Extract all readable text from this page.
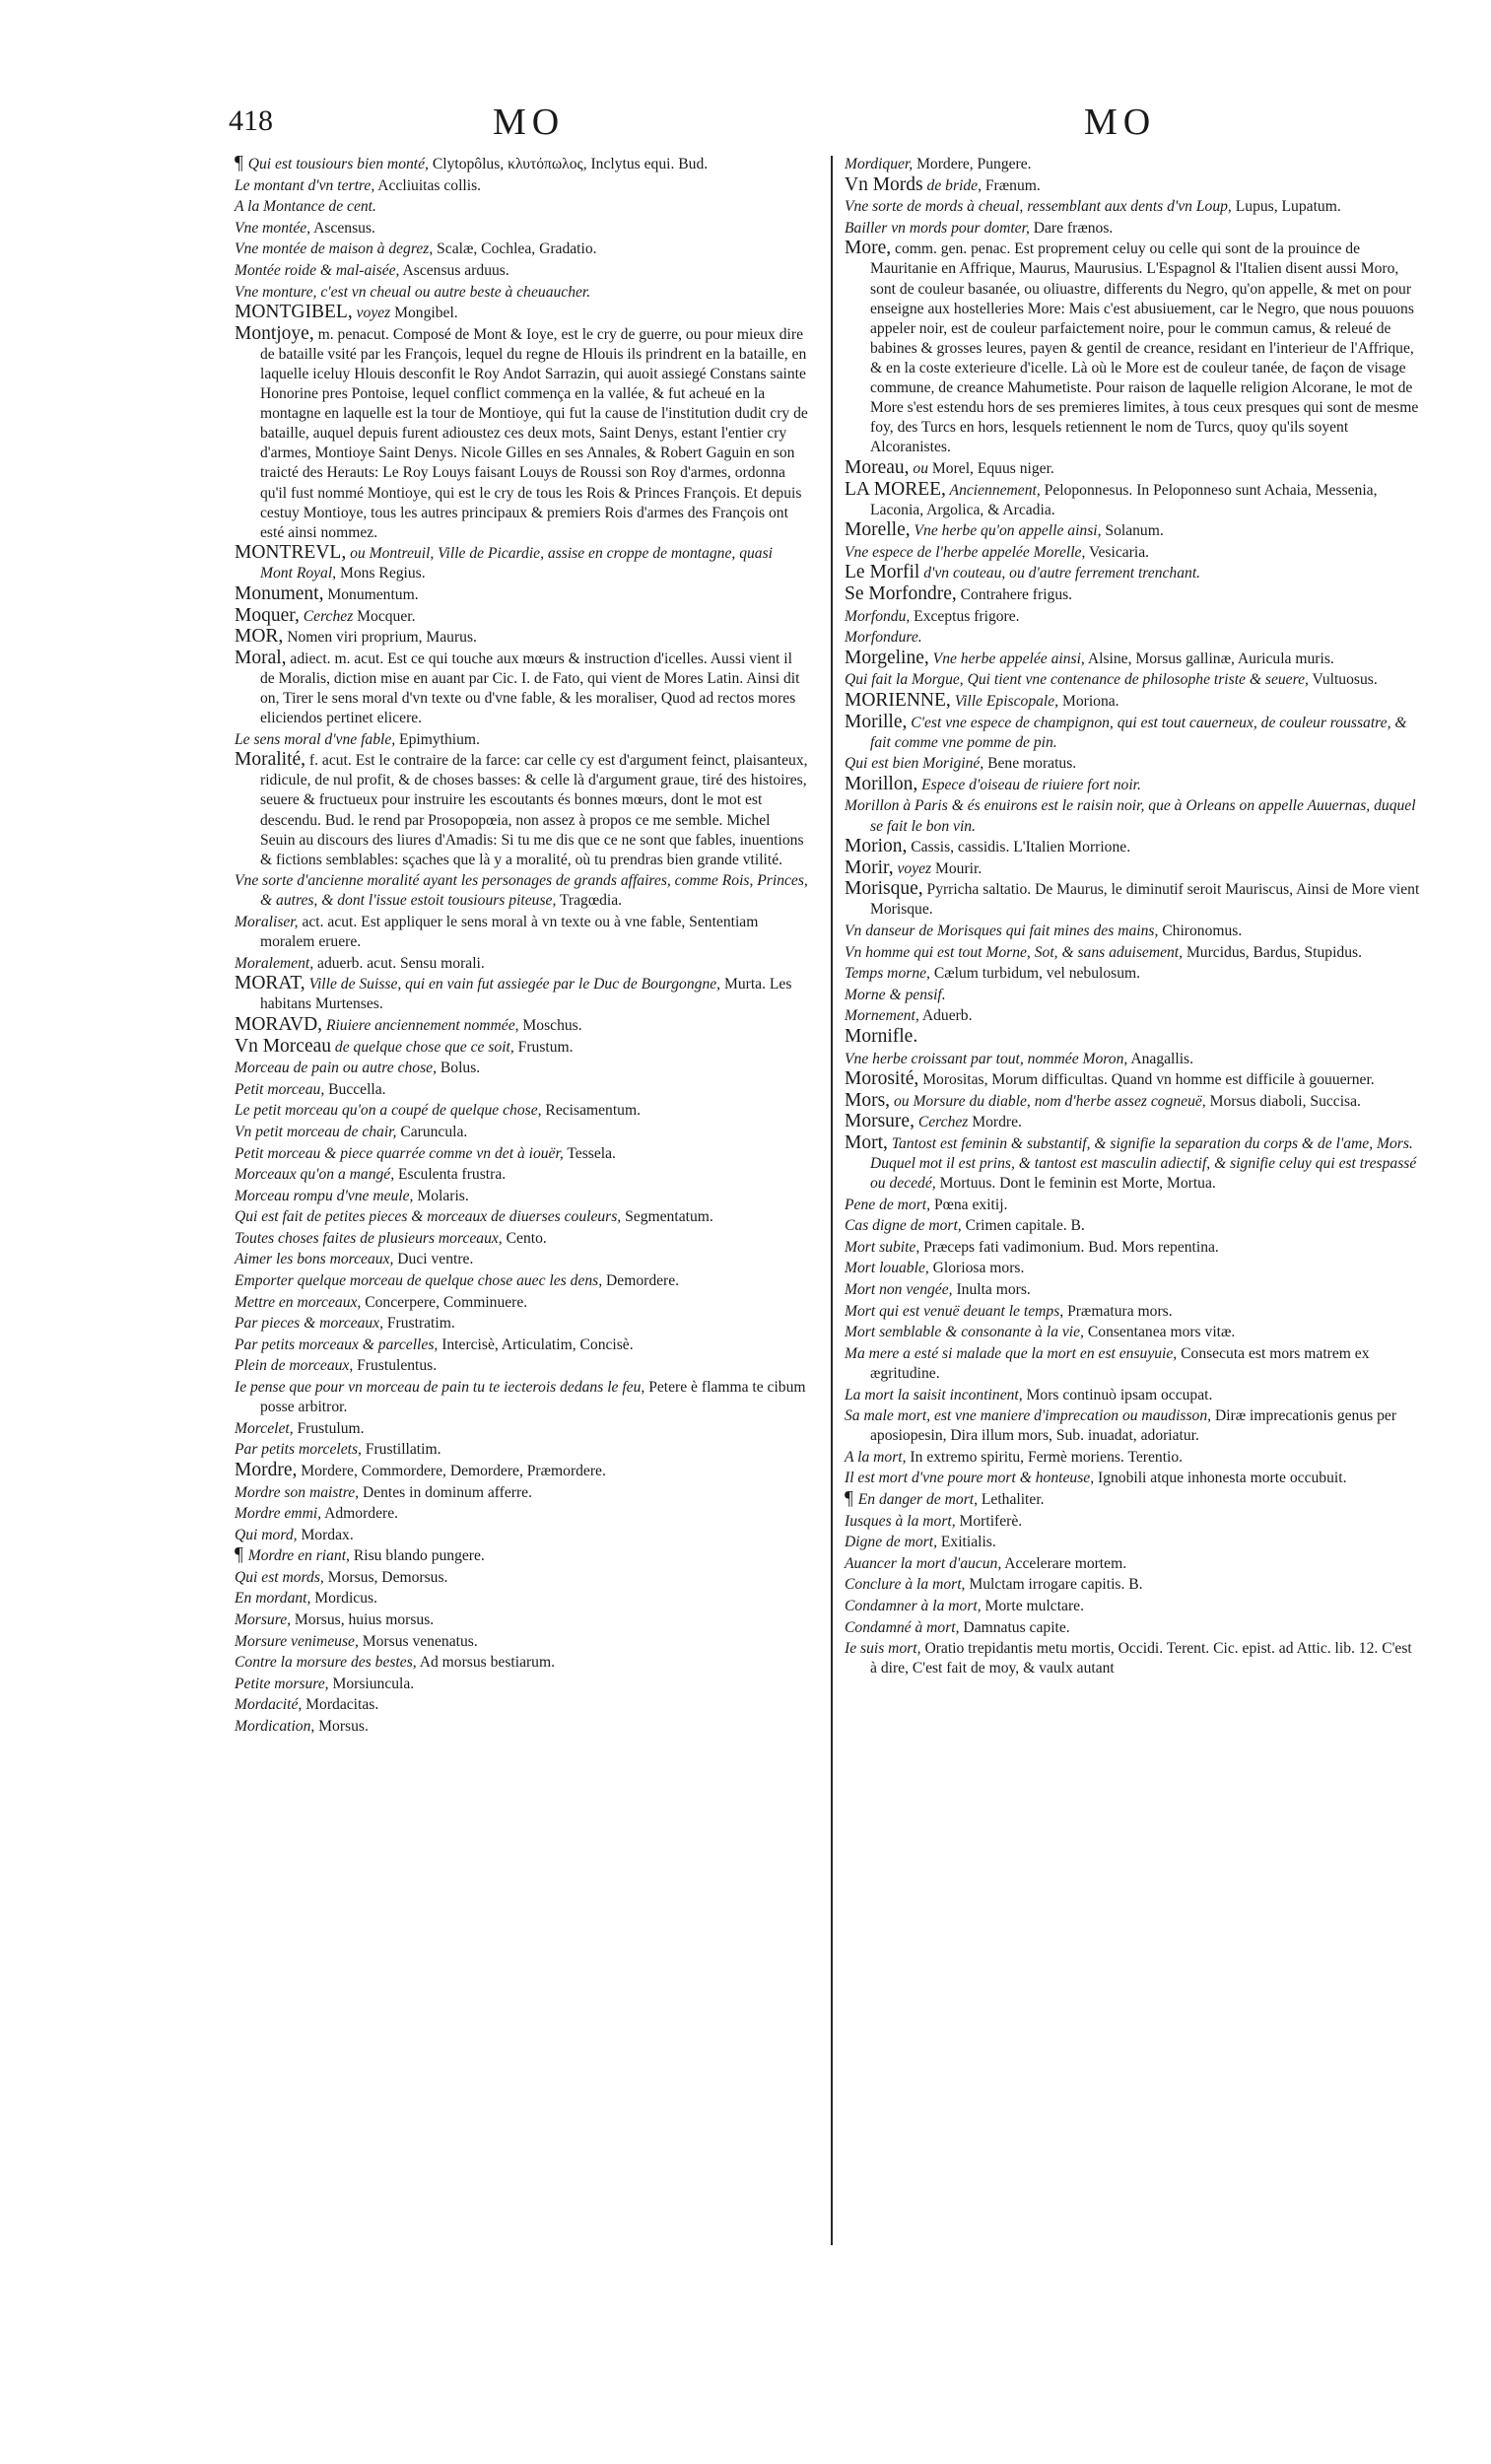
418	MO	MO
¶ Qui est tousiours bien monté, Clytopôlus, κλυτόπωλος, Inclytus equi. Bud.
Le montant d'vn tertre, Accliuitas collis.
A la Montance de cent.
Vne montée, Ascensus.
Vne montée de maison à degrez, Scalæ, Cochlea, Gradatio.
Montée roide & mal-aisée, Ascensus arduus.
Vne monture, c'est vn cheual ou autre beste à cheuaucher.
MONTGIBEL, voyez Mongibel.
Montjoye, m. penacut. Composé de Mont & Ioye, est le cry de guerre, ou pour mieux dire de bataille vsité par les François, lequel du regne de Hlouis ils prindrent en la bataille, en laquelle iceluy Hlouis desconfit le Roy Andot Sarrazin, qui auoit assiegé Constans sainte Honorine pres Pontoise, lequel conflict commença en la vallée, & fut acheué en la montagne en laquelle est la tour de Montioye, qui fut la cause de l'institution dudit cry de bataille, auquel depuis furent adioustez ces deux mots, Saint Denys, estant l'entier cry d'armes, Montioye Saint Denys. Nicole Gilles en ses Annales, & Robert Gaguin en son traicté des Herauts: Le Roy Louys faisant Louys de Roussi son Roy d'armes, ordonna qu'il fust nommé Montioye, qui est le cry de tous les Rois & Princes François. Et depuis cestuy Montioye, tous les autres principaux & premiers Rois d'armes des François ont esté ainsi nommez.
MONTREVL, ou Montreuil, Ville de Picardie, assise en croppe de montagne, quasi Mont Royal, Mons Regius.
Monument, Monumentum.
Moquer, Cerchez Mocquer.
MOR, Nomen viri proprium, Maurus.
Moral, adiect. m. acut. Est ce qui touche aux mœurs & instruction d'icelles. Aussi vient il de Moralis, diction mise en auant par Cic. I. de Fato, qui vient de Mores Latin. Ainsi dit on, Tirer le sens moral d'vn texte ou d'vne fable, & les moraliser, Quod ad rectos mores eliciendos pertinet elicere.
Le sens moral d'vne fable, Epimythium.
Moralité, f. acut. Est le contraire de la farce: car celle cy est d'argument feinct, plaisanteux, ridicule, de nul profit, & de choses basses: & celle là d'argument graue, tiré des histoires, seuere & fructueux pour instruire les escoutants és bonnes mœurs, dont le mot est descendu. Bud. le rend par Prosopopœia, non assez à propos ce me semble. Michel Seuin au discours des liures d'Amadis: Si tu me dis que ce ne sont que fables, inuentions & fictions semblables: sçaches que là y a moralité, où tu prendras bien grande vtilité.
Vne sorte d'ancienne moralité ayant les personages de grands affaires, comme Rois, Princes, & autres, & dont l'issue estoit tousiours piteuse, Tragœdia.
Moraliser, act. acut. Est appliquer le sens moral à vn texte ou à vne fable, Sententiam moralem eruere.
Moralement, aduerb. acut. Sensu morali.
MORAT, Ville de Suisse, qui en vain fut assiegée par le Duc de Bourgongne, Murta. Les habitans Murtenses.
MORAVD, Riuiere anciennement nommée, Moschus.
Vn Morceau de quelque chose que ce soit, Frustum.
Morceau de pain ou autre chose, Bolus.
Petit morceau, Buccella.
Le petit morceau qu'on a coupé de quelque chose, Recisamentum.
Vn petit morceau de chair, Caruncula.
Petit morceau & piece quarrée comme vn det à iouër, Tessela.
Morceaux qu'on a mangé, Esculenta frustra.
Morceau rompu d'vne meule, Molaris.
Qui est fait de petites pieces & morceaux de diuerses couleurs, Segmentatum.
Toutes choses faites de plusieurs morceaux, Cento.
Aimer les bons morceaux, Duci ventre.
Emporter quelque morceau de quelque chose auec les dens, Demordere.
Mettre en morceaux, Concerpere, Comminuere.
Par pieces & morceaux, Frustratim.
Par petits morceaux & parcelles, Intercisè, Articulatim, Concisè.
Plein de morceaux, Frustulentus.
Ie pense que pour vn morceau de pain tu te iecterois dedans le feu, Petere è flamma te cibum posse arbitror.
Morcelet, Frustulum.
Par petits morcelets, Frustillatim.
Mordre, Mordere, Commordere, Demordere, Præmordere.
Mordre son maistre, Dentes in dominum afferre.
Mordre emmi, Admordere.
Qui mord, Mordax.
¶ Mordre en riant, Risu blando pungere.
Qui est mords, Morsus, Demorsus.
En mordant, Mordicus.
Morsure, Morsus, huius morsus.
Morsure venimeuse, Morsus venenatus.
Contre la morsure des bestes, Ad morsus bestiarum.
Petite morsure, Morsiuncula.
Mordacité, Mordacitas.
Mordication, Morsus.
Mordiquer, Mordere, Pungere.
Vn Mords de bride, Frænum.
Vne sorte de mords à cheual, ressemblant aux dents d'vn Loup, Lupus, Lupatum.
Bailler vn mords pour domter, Dare frænos.
More, comm. gen. penac. Est proprement celuy ou celle qui sont de la prouince de Mauritanie en Affrique, Maurus, Maurusius. L'Espagnol & l'Italien disent aussi Moro, sont de couleur basanée, ou oliuastre, differents du Negro, qu'on appelle, & met on pour enseigne aux hostelleries More: Mais c'est abusiuement, car le Negro, que nous pouuons appeler noir, est de couleur parfaictement noire, pour le commun camus, & releué de babines & grosses leures, payen & gentil de creance, residant en l'interieur de l'Affrique, & en la coste exterieure d'icelle. Là où le More est de couleur tanée, de façon de visage commune, de creance Mahumetiste. Pour raison de laquelle religion Alcorane, le mot de More s'est estendu hors de ses premieres limites, à tous ceux presques qui sont de mesme foy, des Turcs en hors, lesquels retiennent le nom de Turcs, quoy qu'ils soyent Alcoranistes.
Moreau, ou Morel, Equus niger.
LA MOREE, Anciennement, Peloponnesus. In Peloponneso sunt Achaia, Messenia, Laconia, Argolica, & Arcadia.
Morelle, Vne herbe qu'on appelle ainsi, Solanum.
Vne espece de l'herbe appelée Morelle, Vesicaria.
Le Morfil d'vn couteau, ou d'autre ferrement trenchant.
Se Morfondre, Contrahere frigus.
Morfondu, Exceptus frigore.
Morfondure.
Morgeline, Vne herbe appelée ainsi, Alsine, Morsus gallinæ, Auricula muris.
Qui fait la Morgue, Qui tient vne contenance de philosophe triste & seuere, Vultuosus.
MORIENNE, Ville Episcopale, Moriona.
Morille, C'est vne espece de champignon, qui est tout cauerneux, de couleur roussatre, & fait comme vne pomme de pin.
Qui est bien Moriginé, Bene moratus.
Morillon, Espece d'oiseau de riuiere fort noir.
Morillon à Paris & és enuirons est le raisin noir, que à Orleans on appelle Auuernas, duquel se fait le bon vin.
Morion, Cassis, cassidis. L'Italien Morrione.
Morir, voyez Mourir.
Morisque, Pyrricha saltatio. De Maurus, le diminutif seroit Mauriscus, Ainsi de More vient Morisque.
Vn danseur de Morisques qui fait mines des mains, Chironomus.
Vn homme qui est tout Morne, Sot, & sans aduisement, Murcidus, Bardus, Stupidus.
Temps morne, Cælum turbidum, vel nebulosum.
Morne & pensif.
Mornement, Aduerb.
Mornifle.
Vne herbe croissant par tout, nommée Moron, Anagallis.
Morosité, Morositas, Morum difficultas. Quand vn homme est difficile à gouuerner.
Mors, ou Morsure du diable, nom d'herbe assez cogneuë, Morsus diaboli, Succisa.
Morsure, Cerchez Mordre.
Mort, Tantost est feminin & substantif, & signifie la separation du corps & de l'ame, Mors. Duquel mot il est prins, & tantost est masculin adiectif, & signifie celuy qui est trespassé ou decedé, Mortuus. Dont le feminin est Morte, Mortua.
Pene de mort, Pœna exitij.
Cas digne de mort, Crimen capitale. B.
Mort subite, Præceps fati vadimonium. Bud. Mors repentina.
Mort louable, Gloriosa mors.
Mort non vengée, Inulta mors.
Mort qui est venuë deuant le temps, Præmatura mors.
Mort semblable & consonante à la vie, Consentanea mors vitæ.
Ma mere a esté si malade que la mort en est ensuyuie, Consecuta est mors matrem ex ægritudine.
La mort la saisit incontinent, Mors continuò ipsam occupat.
Sa male mort, est vne maniere d'imprecation ou maudisson, Diræ imprecationis genus per aposiopesin, Dira illum mors, Sub. inuadat, adoriatur.
A la mort, In extremo spiritu, Fermè moriens. Terentio.
Il est mort d'vne poure mort & honteuse, Ignobili atque inhonesta morte occubuit.
¶ En danger de mort, Lethaliter.
Iusques à la mort, Mortiferè.
Digne de mort, Exitialis.
Auancer la mort d'aucun, Accelerare mortem.
Conclure à la mort, Mulctam irrogare capitis. B.
Condamner à la mort, Morte mulctare.
Condamné à mort, Damnatus capite.
Ie suis mort, Oratio trepidantis metu mortis, Occidi. Terent. Cic. epist. ad Attic. lib. 12. C'est à dire, C'est fait de moy, & vaulx autant
